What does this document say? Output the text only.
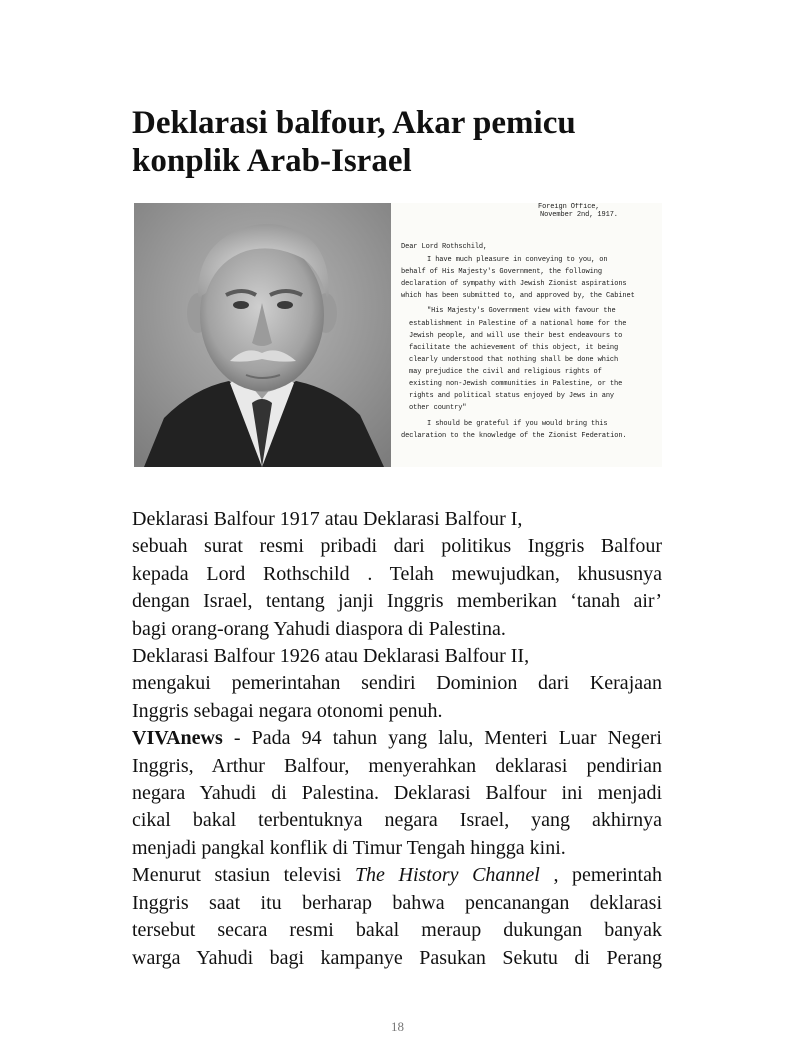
Deklarasi balfour, Akar pemicu konplik Arab-Israel
Foreign Office,
November 2nd, 1917.
Dear Lord Rothschild,
I have much pleasure in conveying to you, on
behalf of His Majesty's Government, the following
declaration of sympathy with Jewish Zionist aspirations
which has been submitted to, and approved by, the Cabinet
"His Majesty's Government view with favour the
establishment in Palestine of a national home for the
Jewish people, and will use their best endeavours to
facilitate the achievement of this object, it being
clearly understood that nothing shall be done which
may prejudice the civil and religious rights of
existing non-Jewish communities in Palestine, or the
rights and political status enjoyed by Jews in any
other country"
I should be grateful if you would bring this
declaration to the knowledge of the Zionist Federation.

Deklarasi Balfour 1917 atau Deklarasi Balfour I,
sebuah surat resmi pribadi dari politikus Inggris Balfour
kepada Lord Rothschild . Telah mewujudkan, khususnya
dengan Israel, tentang janji Inggris memberikan ‘tanah air’
bagi orang-orang Yahudi diaspora di Palestina.

Deklarasi Balfour 1926 atau Deklarasi Balfour II,
mengakui pemerintahan sendiri Dominion dari Kerajaan
Inggris sebagai negara otonomi penuh.

VIVAnews - Pada 94 tahun yang lalu, Menteri Luar Negeri
Inggris, Arthur Balfour, menyerahkan deklarasi pendirian
negara Yahudi di Palestina. Deklarasi Balfour ini menjadi
cikal bakal terbentuknya negara Israel, yang akhirnya
menjadi pangkal konflik di Timur Tengah hingga kini.

Menurut stasiun televisi The History Channel , pemerintah
Inggris saat itu berharap bahwa pencanangan deklarasi
tersebut secara resmi bakal meraup dukungan banyak
warga Yahudi bagi kampanye Pasukan Sekutu di Perang

18
